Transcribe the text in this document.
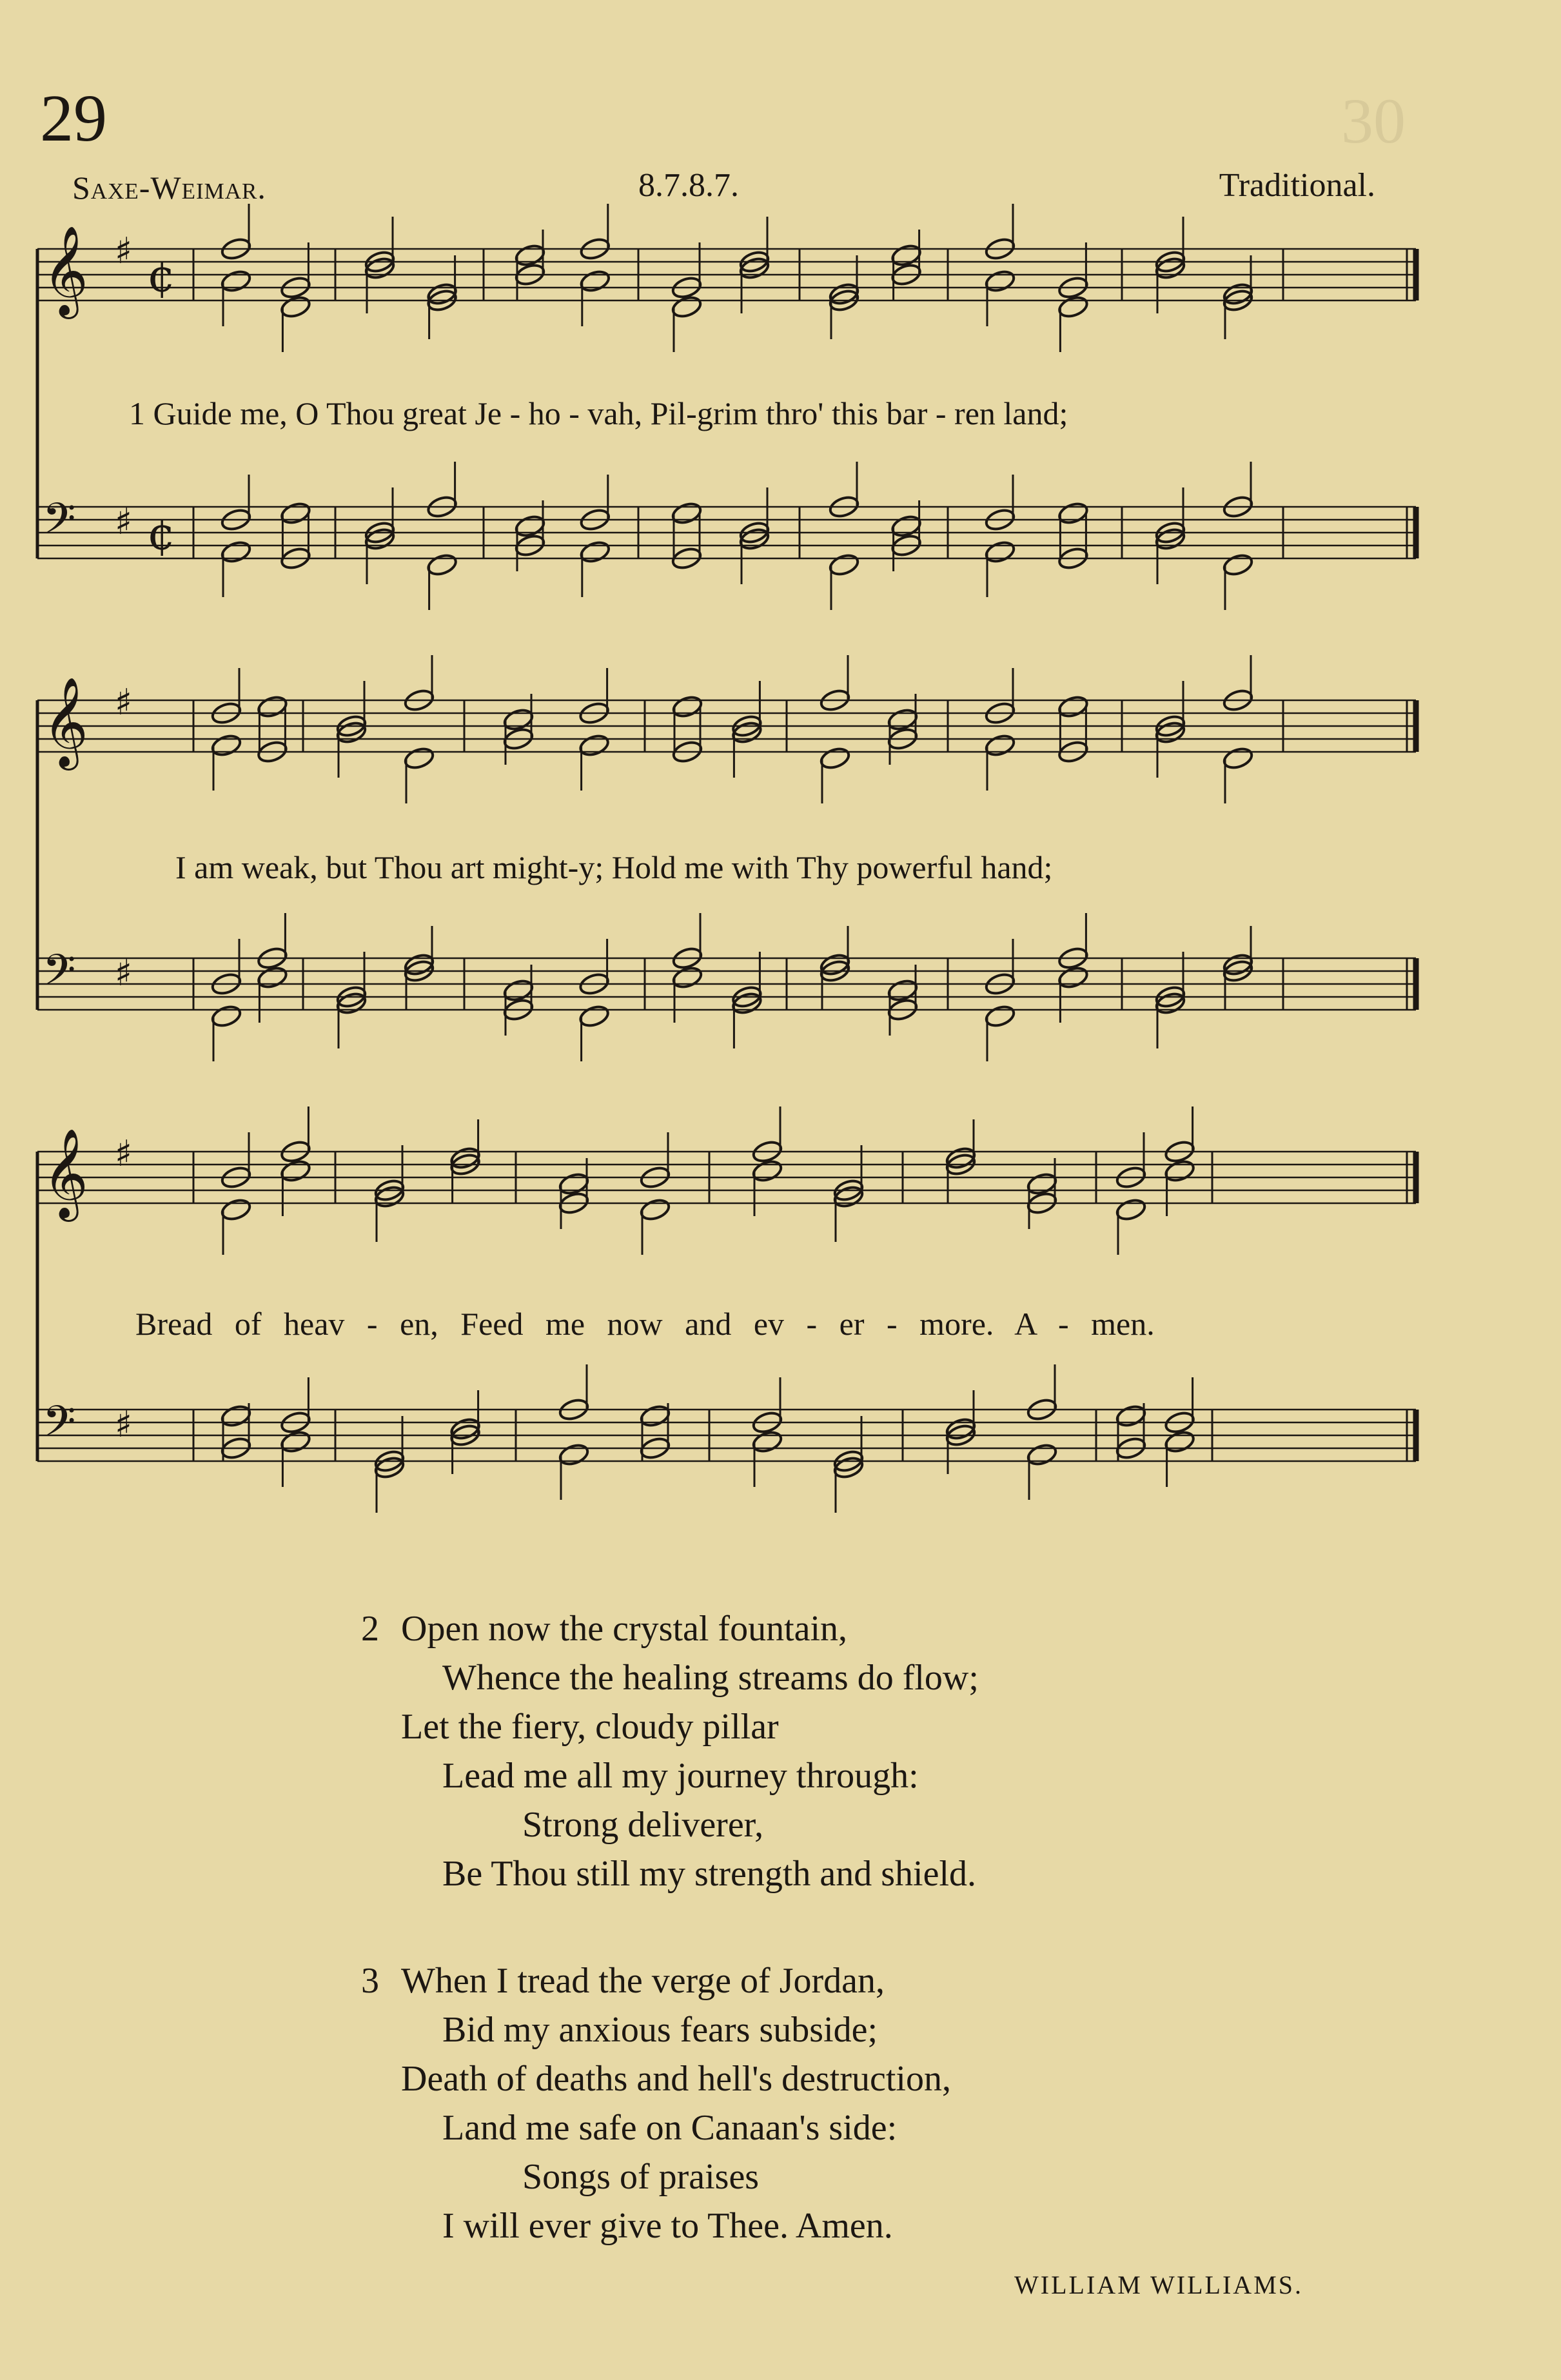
30
29
Saxe-Weimar.	8.7.8.7.	Traditional.
𝄞 ♯ ¢
𝄢 ♯ ¢
𝄞 ♯
𝄢 ♯
𝄞 ♯
𝄢 ♯
1 Guide me, O Thou great Je - ho - vah, Pil-grim thro' this bar - ren land;
I am weak, but Thou art might-y; Hold me with Thy powerful hand;
Bread of heav - en, Feed me now and ev - er - more. A - men.
2 Open now the crystal fountain,
Whence the healing streams do flow;
Let the fiery, cloudy pillar
Lead me all my journey through:
Strong deliverer,
Be Thou still my strength and shield.
3 When I tread the verge of Jordan,
Bid my anxious fears subside;
Death of deaths and hell's destruction,
Land me safe on Canaan's side:
Songs of praises
I will ever give to Thee. Amen.
WILLIAM WILLIAMS.
